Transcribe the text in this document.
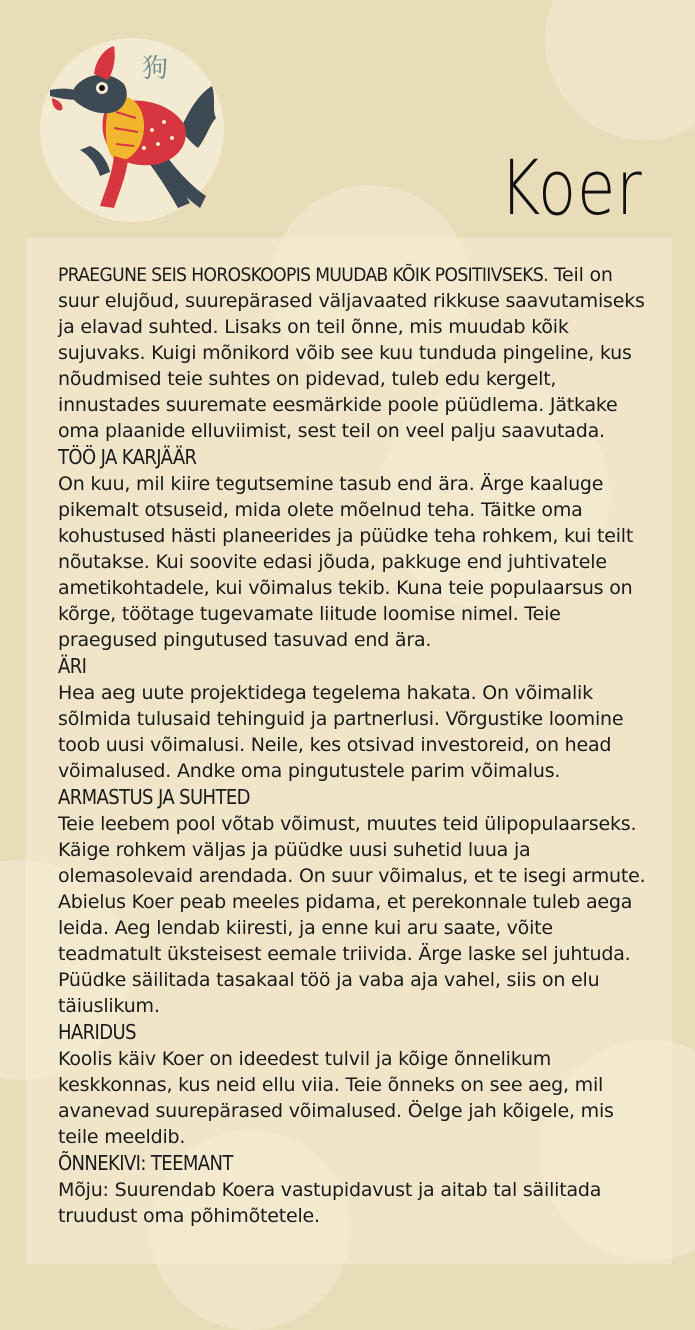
狗
Koer

PRAEGUNE SEIS HOROSKOOPIS MUUDAB KÕIK POSITIIVSEKS. Teil on suur elujõud, suurepärased väljavaated rikkuse saavutamiseks ja elavad suhted. Lisaks on teil õnne, mis muudab kõik sujuvaks. Kuigi mõnikord võib see kuu tunduda pingeline, kus nõudmised teie suhtes on pidevad, tuleb edu kergelt, innustades suuremate eesmärkide poole püüdlema. Jätkake oma plaanide elluviimist, sest teil on veel palju saavutada.

TÖÖ JA KARJÄÄR

On kuu, mil kiire tegutsemine tasub end ära. Ärge kaaluge pikemalt otsuseid, mida olete mõelnud teha. Täitke oma kohustused hästi planeerides ja püüdke teha rohkem, kui teilt nõutakse. Kui soovite edasi jõuda, pakkuge end juhtivatele ametikohtadele, kui võimalus tekib. Kuna teie populaarsus on kõrge, töötage tugevamate liitude loomise nimel. Teie praegused pingutused tasuvad end ära.

ÄRI

Hea aeg uute projektidega tegelema hakata. On võimalik sõlmida tulusaid tehinguid ja partnerlusi. Võrgustike loomine toob uusi võimalusi. Neile, kes otsivad investoreid, on head võimalused. Andke oma pingutustele parim võimalus.

ARMASTUS JA SUHTED

Teie leebem pool võtab võimust, muutes teid ülipopulaarseks. Käige rohkem väljas ja püüdke uusi suhetid luua ja olemasolevaid arendada. On suur võimalus, et te isegi armute. Abielus Koer peab meeles pidama, et perekonnale tuleb aega leida. Aeg lendab kiiresti, ja enne kui aru saate, võite teadmatult üksteisest eemale triivida. Ärge laske sel juhtuda. Püüdke säilitada tasakaal töö ja vaba aja vahel, siis on elu täiuslikum.

HARIDUS

Koolis käiv Koer on ideedest tulvil ja kõige õnnelikum keskkonnas, kus neid ellu viia. Teie õnneks on see aeg, mil avanevad suurepärased võimalused. Öelge jah kõigele, mis teile meeldib.

ÕNNEKIVI: TEEMANT

Mõju: Suurendab Koera vastupidavust ja aitab tal säilitada truudust oma põhimõtetele.
